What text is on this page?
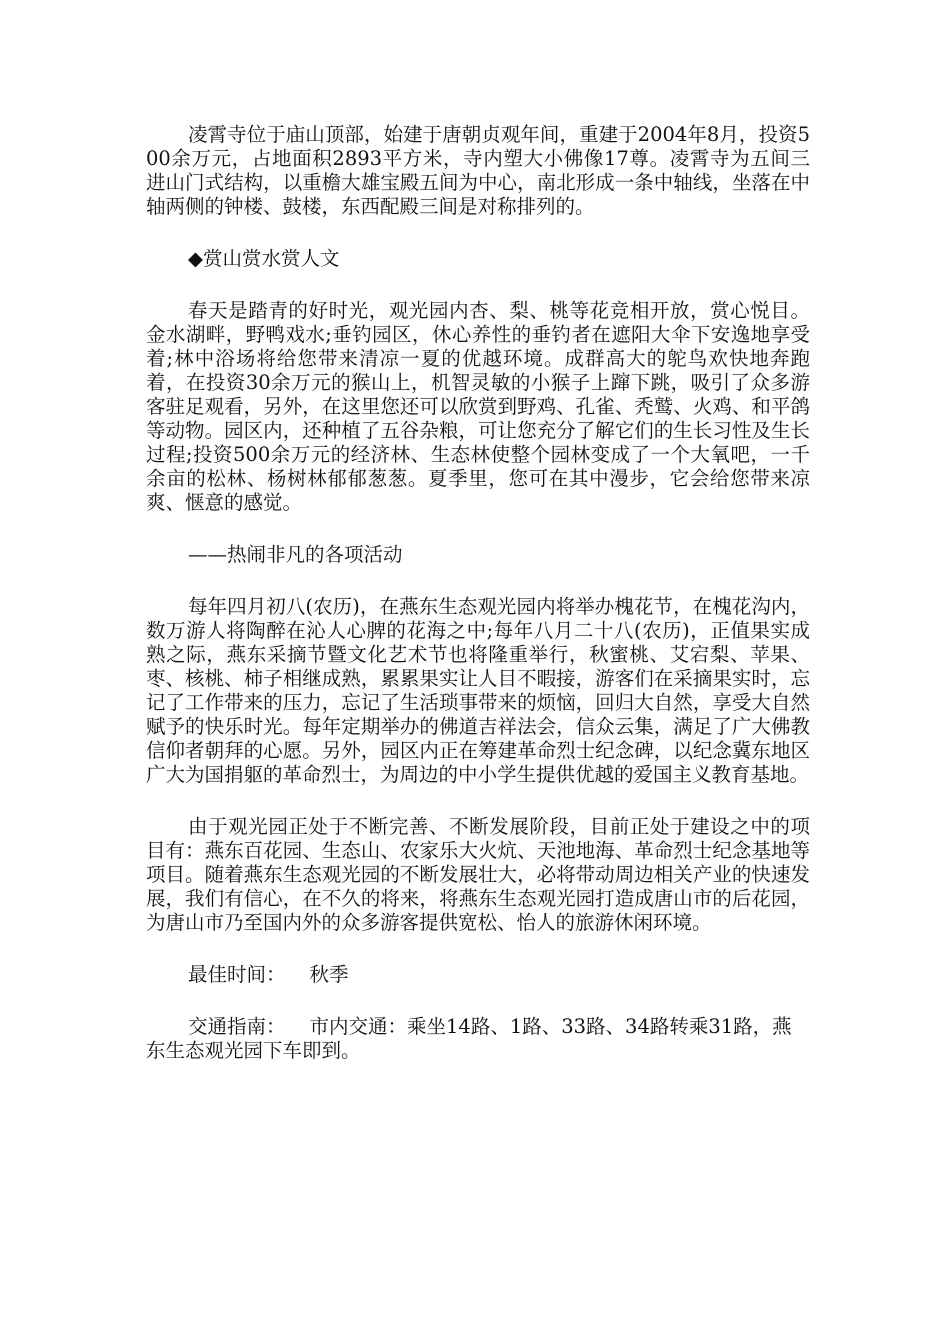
凌霄寺位于庙山顶部，始建于唐朝贞观年间，重建于2004年8月，投资500余万元，占地面积2893平方米，寺内塑大小佛像17尊。凌霄寺为五间三进山门式结构，以重檐大雄宝殿五间为中心，南北形成一条中轴线，坐落在中轴两侧的钟楼、鼓楼，东西配殿三间是对称排列的。

◆赏山赏水赏人文

春天是踏青的好时光，观光园内杏、梨、桃等花竞相开放，赏心悦目。金水湖畔，野鸭戏水;垂钓园区，休心养性的垂钓者在遮阳大伞下安逸地享受着;林中浴场将给您带来清凉一夏的优越环境。成群高大的鸵鸟欢快地奔跑着，在投资30余万元的猴山上，机智灵敏的小猴子上蹿下跳，吸引了众多游客驻足观看，另外，在这里您还可以欣赏到野鸡、孔雀、秃鹫、火鸡、和平鸽等动物。园区内，还种植了五谷杂粮，可让您充分了解它们的生长习性及生长过程;投资500余万元的经济林、生态林使整个园林变成了一个大氧吧，一千余亩的松林、杨树林郁郁葱葱。夏季里，您可在其中漫步，它会给您带来凉爽、惬意的感觉。

——热闹非凡的各项活动

每年四月初八(农历)，在燕东生态观光园内将举办槐花节，在槐花沟内，数万游人将陶醉在沁人心脾的花海之中;每年八月二十八(农历)，正值果实成熟之际，燕东采摘节暨文化艺术节也将隆重举行，秋蜜桃、艾宕梨、苹果、枣、核桃、柿子相继成熟，累累果实让人目不暇接，游客们在采摘果实时，忘记了工作带来的压力，忘记了生活琐事带来的烦恼，回归大自然，享受大自然赋予的快乐时光。每年定期举办的佛道吉祥法会，信众云集，满足了广大佛教信仰者朝拜的心愿。另外，园区内正在筹建革命烈士纪念碑，以纪念冀东地区广大为国捐躯的革命烈士，为周边的中小学生提供优越的爱国主义教育基地。

由于观光园正处于不断完善、不断发展阶段，目前正处于建设之中的项目有：燕东百花园、生态山、农家乐大火炕、天池地海、革命烈士纪念基地等项目。随着燕东生态观光园的不断发展壮大，必将带动周边相关产业的快速发展，我们有信心，在不久的将来，将燕东生态观光园打造成唐山市的后花园，为唐山市乃至国内外的众多游客提供宽松、怡人的旅游休闲环境。

最佳时间： 秋季

交通指南： 市内交通：乘坐14路、1路、33路、34路转乘31路，燕东生态观光园下车即到。
